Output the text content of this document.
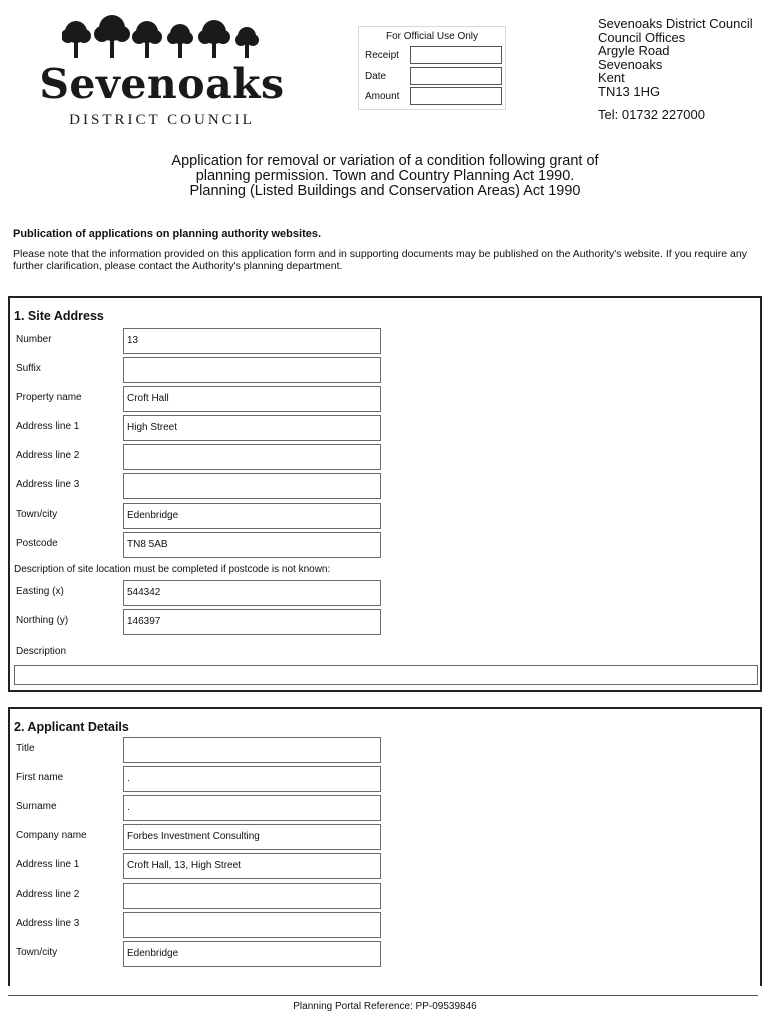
Sevenoaks
DISTRICT COUNCIL
For Official Use Only
Receipt
Date
Amount
Sevenoaks District Council
Council Offices
Argyle Road
Sevenoaks
Kent
TN13 1HG
Tel: 01732 227000
Application for removal or variation of a condition following grant of
planning permission. Town and Country Planning Act 1990.
Planning (Listed Buildings and Conservation Areas) Act 1990
Publication of applications on planning authority websites.
Please note that the information provided on this application form and in supporting documents may be published on the Authority's website. If you require any further clarification, please contact the Authority's planning department.
1. Site Address
Number	13
Suffix
Property name	Croft Hall
Address line 1	High Street
Address line 2
Address line 3
Town/city	Edenbridge
Postcode	TN8 5AB
Description of site location must be completed if postcode is not known:
Easting (x)	544342
Northing (y)	146397
Description
2. Applicant Details
Title
First name	.
Surname	.
Company name	Forbes Investment Consulting
Address line 1	Croft Hall, 13, High Street
Address line 2
Address line 3
Town/city	Edenbridge
Planning Portal Reference: PP-09539846
